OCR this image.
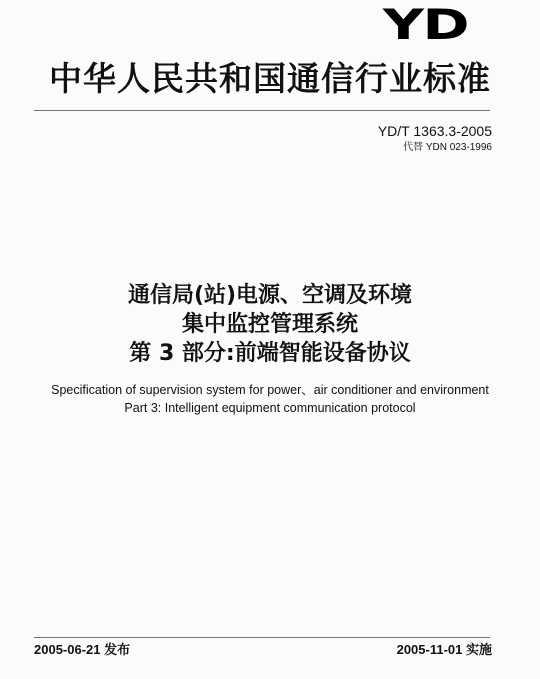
YD
中华人民共和国通信行业标准
YD/T 1363.3-2005
代替 YDN 023-1996
通信局(站)电源、空调及环境
集中监控管理系统
第 3 部分:前端智能设备协议
Specification of supervision system for power、air conditioner and environment
Part 3: Intelligent equipment communication protocol
2005-06-21 发布	2005-11-01 实施
